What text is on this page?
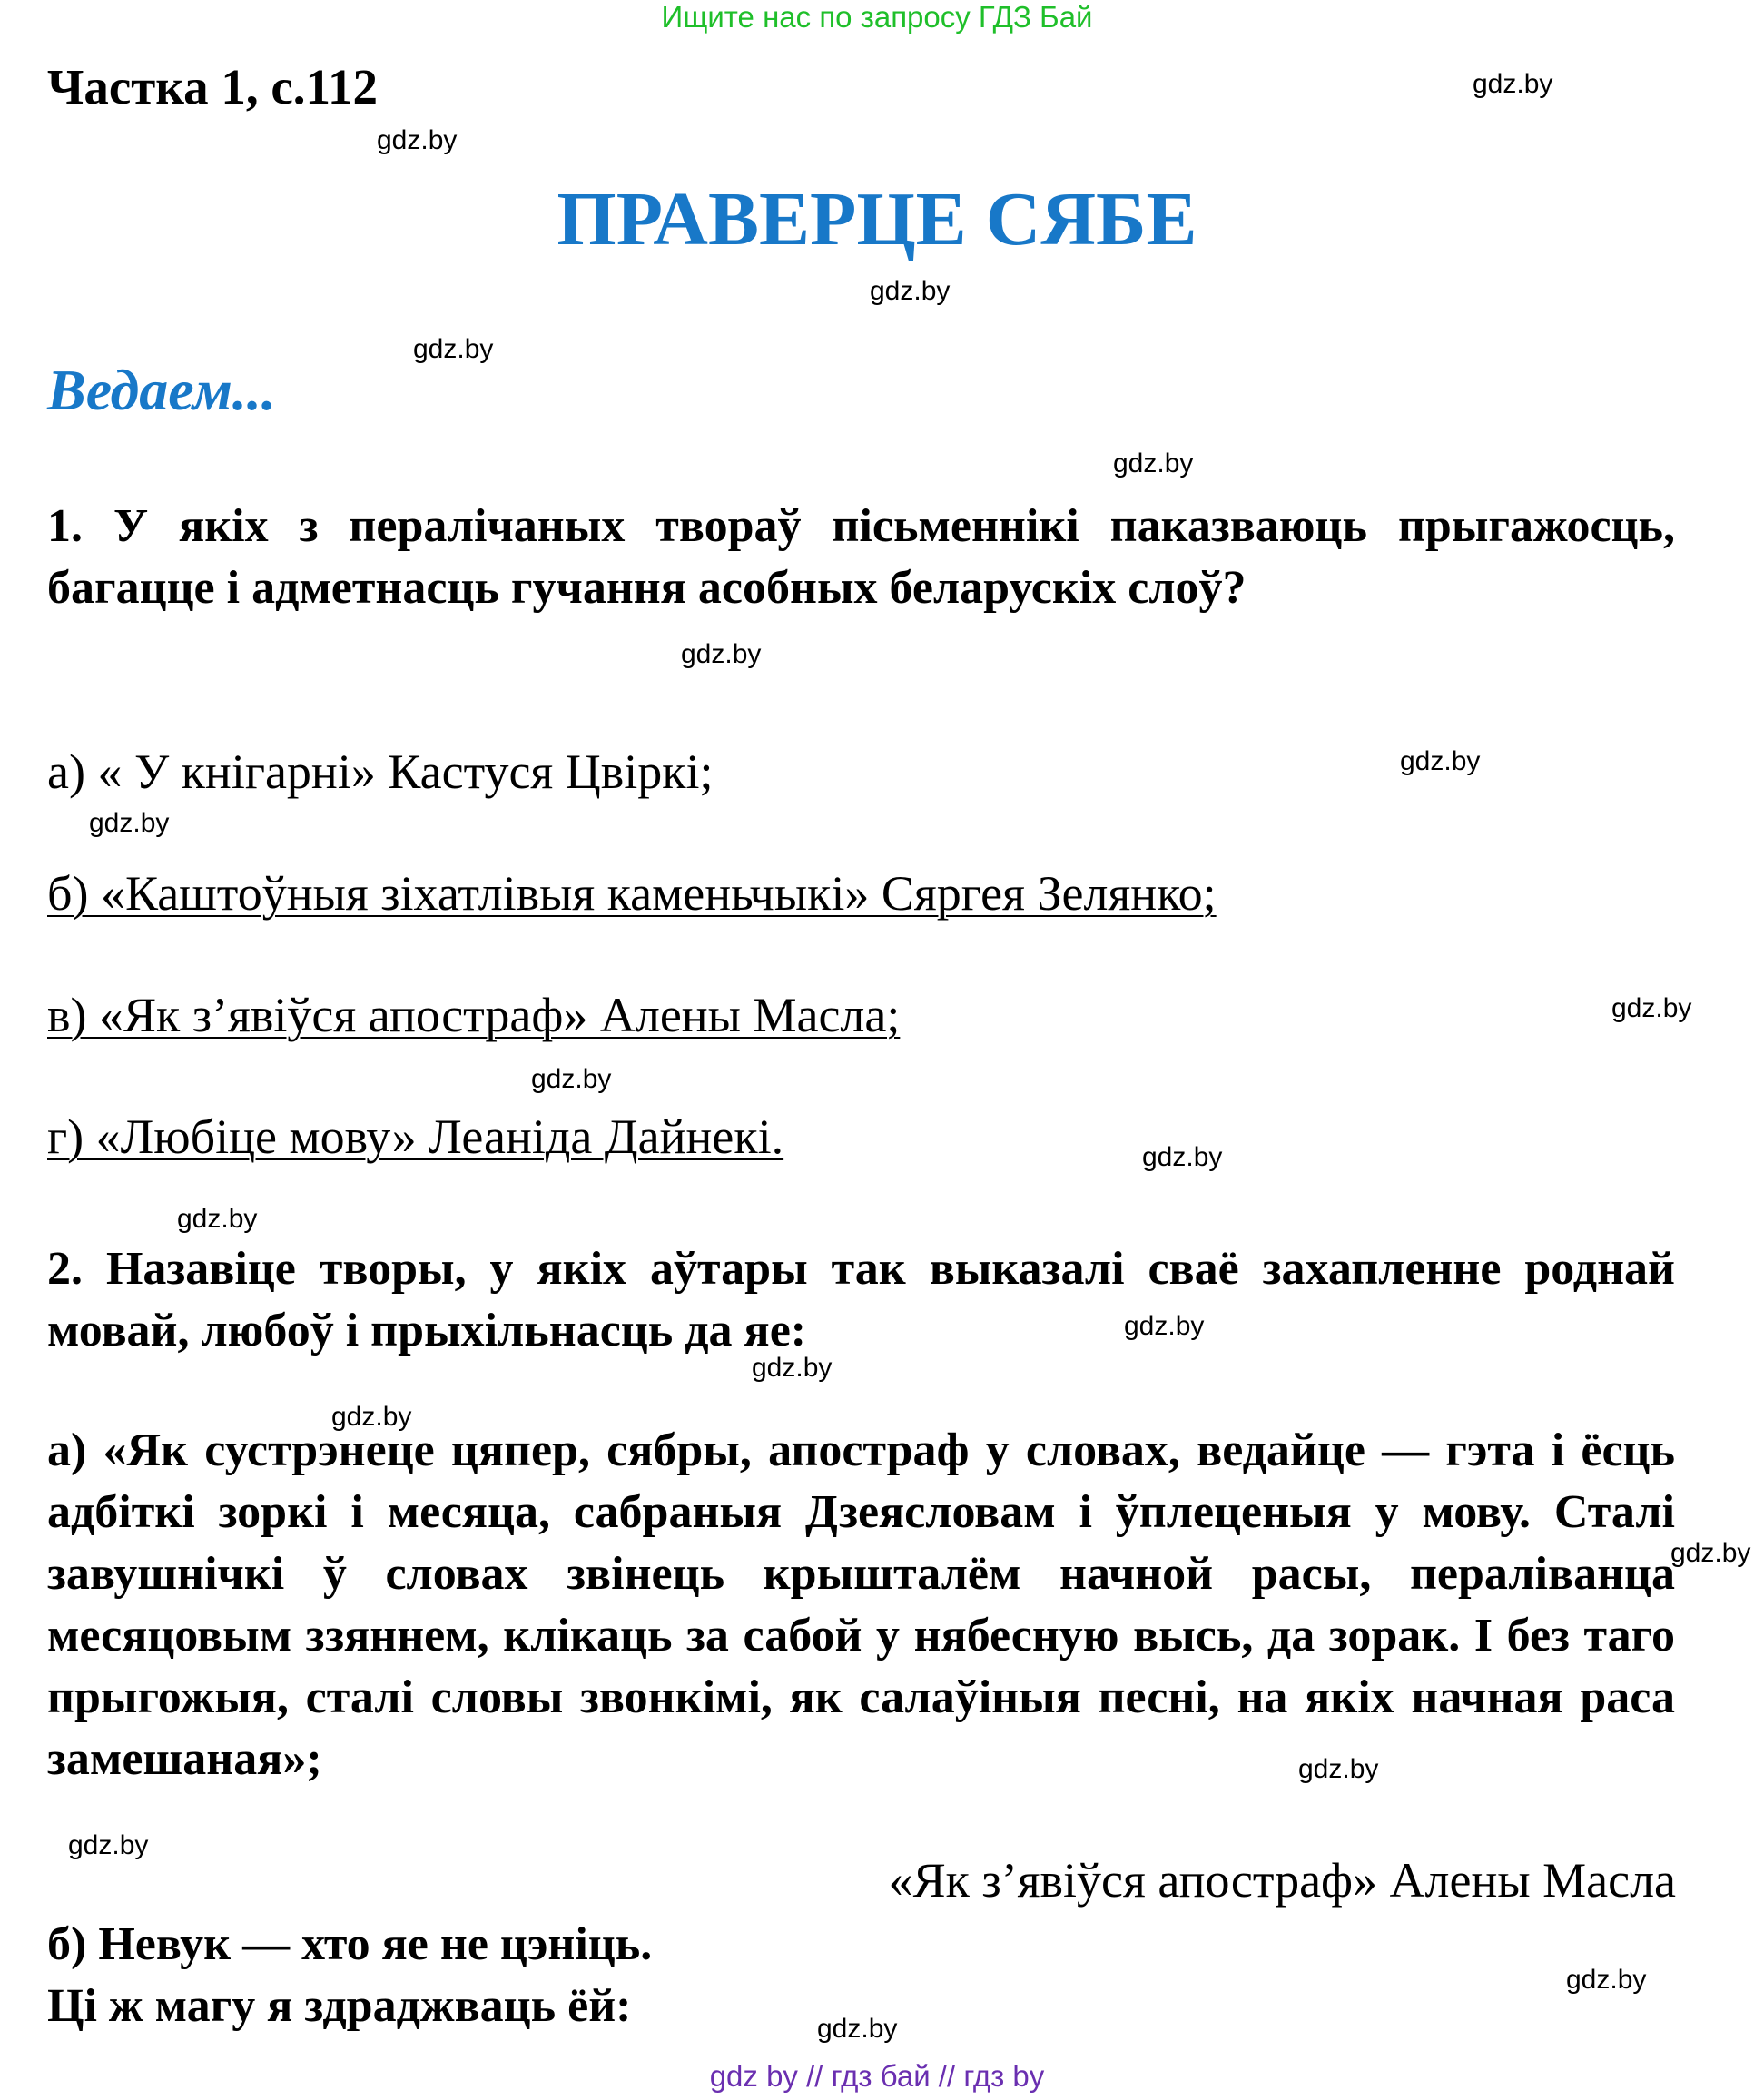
Ищите нас по запросу ГДЗ Бай
Частка 1, с.112
ПРАВЕРЦЕ СЯБЕ
Ведаем...
1. У якіх з пералічаных твораў пісьменнікі паказваюць прыгажосць, багацце і адметнасць гучання асобных беларускіх слоў?
а) « У кнігарні» Кастуся Цвіркі;
б) «Каштоўныя зіхатлівыя каменьчыкі» Сяргея Зелянко;
в) «Як з’явіўся апостраф» Алены Масла;
г) «Любіце мову» Леаніда Дайнекі.
2. Назавіце творы, у якіх аўтары так выказалі сваё захапленне роднай мовай, любоў і прыхільнасць да яе:
а) «Як сустрэнеце цяпер, сябры, апостраф у словах, ведайце — гэта і ёсць адбіткі зоркі і месяца, сабраныя Дзеясловам і ўплеценыя у мову. Сталі завушнічкі ў словах звінець крышталём начной расы, пераліванца месяцовым ззяннем, клікаць за сабой у нябесную высь, да зорак. І без таго прыгожыя, сталі словы звонкімі, як салаўіныя песні, на якіх начная раса замешаная»;
«Як з’явіўся апостраф» Алены Масла
б) Невук — хто яе не цэніць.
Ці ж магу я здраджваць ёй:
gdz.by
gdz.by
gdz.by
gdz.by
gdz.by
gdz.by
gdz.by
gdz.by
gdz.by
gdz.by
gdz.by
gdz.by
gdz.by
gdz.by
gdz.by
gdz.by
gdz.by
gdz.by
gdz.by
gdz.by
gdz by // гдз бай // гдз by
